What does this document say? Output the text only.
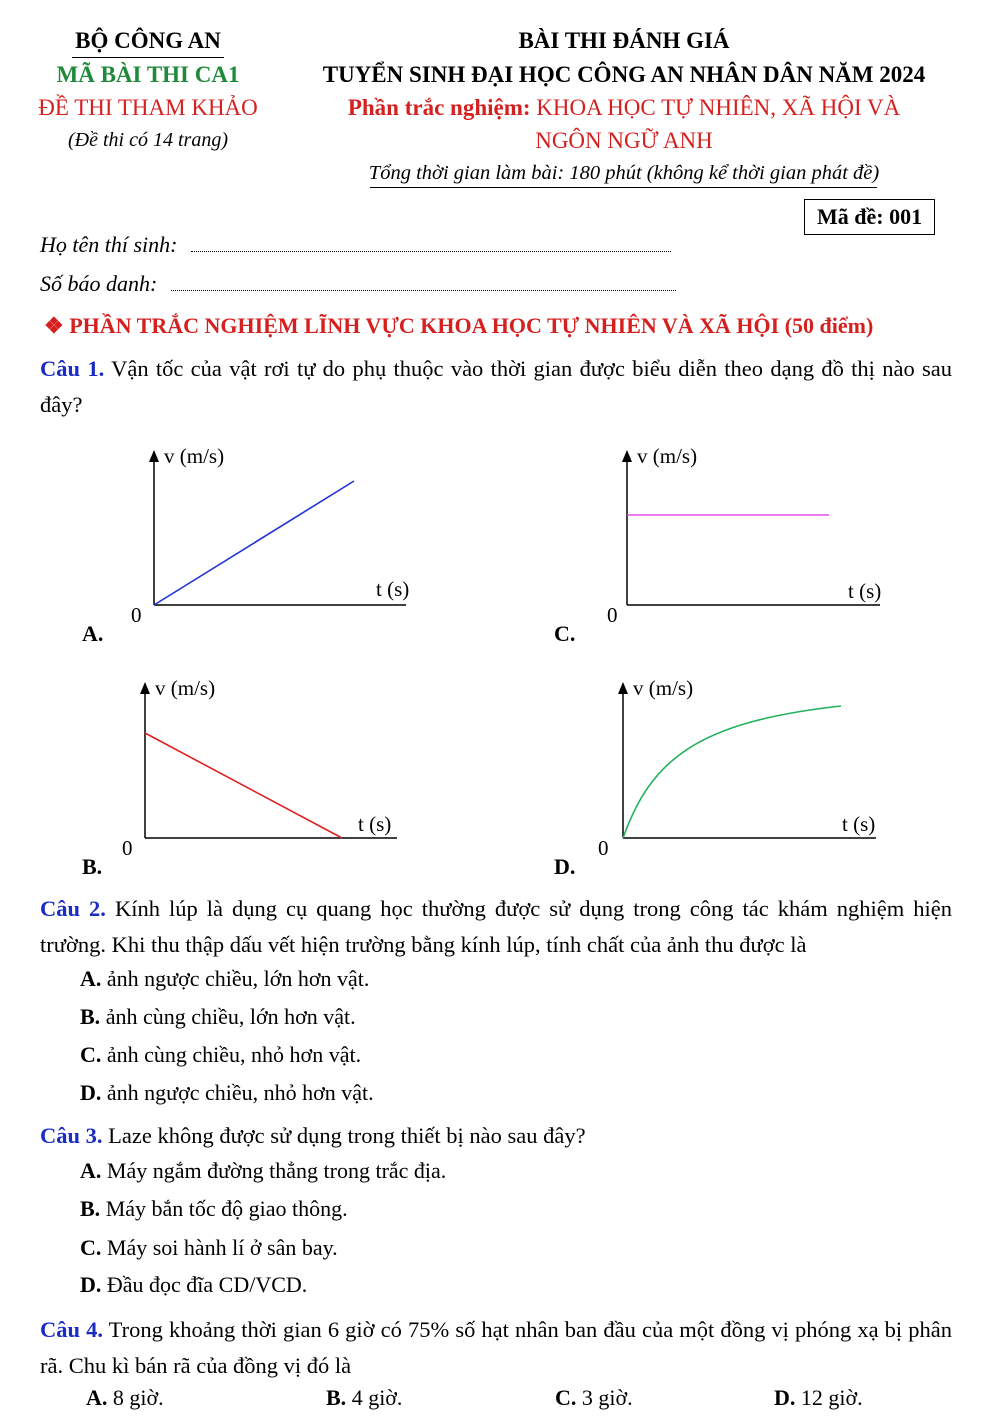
BỘ CÔNG AN
MÃ BÀI THI CA1
ĐỀ THI THAM KHẢO
(Đề thi có 14 trang)
BÀI THI ĐÁNH GIÁ
TUYỂN SINH ĐẠI HỌC CÔNG AN NHÂN DÂN NĂM 2024
Phần trắc nghiệm: KHOA HỌC TỰ NHIÊN, XÃ HỘI VÀ
NGÔN NGỮ ANH
Tổng thời gian làm bài: 180 phút (không kể thời gian phát đề)
Mã đề: 001
Họ tên thí sinh:
Số báo danh:
❖ PHẦN TRẮC NGHIỆM LĨNH VỰC KHOA HỌC TỰ NHIÊN VÀ XÃ HỘI (50 điểm)
Câu 1. Vận tốc của vật rơi tự do phụ thuộc vào thời gian được biểu diễn theo dạng đồ thị nào sau đây?
v (m/s)
t (s)
0
A.
v (m/s)
t (s)
0
C.
v (m/s)
t (s)
0
B.
v (m/s)
t (s)
0
D.
Câu 2. Kính lúp là dụng cụ quang học thường được sử dụng trong công tác khám nghiệm hiện trường. Khi thu thập dấu vết hiện trường bằng kính lúp, tính chất của ảnh thu được là
A. ảnh ngược chiều, lớn hơn vật.
B. ảnh cùng chiều, lớn hơn vật.
C. ảnh cùng chiều, nhỏ hơn vật.
D. ảnh ngược chiều, nhỏ hơn vật.
Câu 3. Laze không được sử dụng trong thiết bị nào sau đây?
A. Máy ngắm đường thẳng trong trắc địa.
B. Máy bắn tốc độ giao thông.
C. Máy soi hành lí ở sân bay.
D. Đầu đọc đĩa CD/VCD.
Câu 4. Trong khoảng thời gian 6 giờ có 75% số hạt nhân ban đầu của một đồng vị phóng xạ bị phân rã. Chu kì bán rã của đồng vị đó là
A. 8 giờ.	B. 4 giờ.	C. 3 giờ.	D. 12 giờ.
